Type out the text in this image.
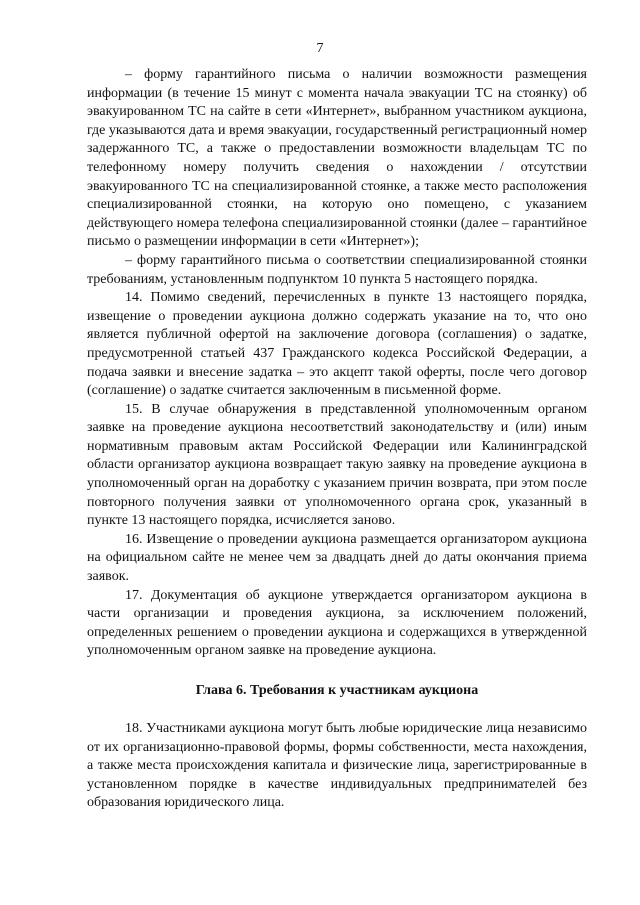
7

– форму гарантийного письма о наличии возможности размещения информации (в течение 15 минут с момента начала эвакуации ТС на стоянку) об эвакуированном ТС на сайте в сети «Интернет», выбранном участником аукциона, где указываются дата и время эвакуации, государственный регистрационный номер задержанного ТС, а также о предоставлении возможности владельцам ТС по телефонному номеру получить сведения о нахождении / отсутствии эвакуированного ТС на специализированной стоянке, а также место расположения специализированной стоянки, на которую оно помещено, с указанием действующего номера телефона специализированной стоянки (далее – гарантийное письмо о размещении информации в сети «Интернет»);

– форму гарантийного письма о соответствии специализированной стоянки требованиям, установленным подпунктом 10 пункта 5 настоящего порядка.

14. Помимо сведений, перечисленных в пункте 13 настоящего порядка, извещение о проведении аукциона должно содержать указание на то, что оно является публичной офертой на заключение договора (соглашения) о задатке, предусмотренной статьей 437 Гражданского кодекса Российской Федерации, а подача заявки и внесение задатка – это акцепт такой оферты, после чего договор (соглашение) о задатке считается заключенным в письменной форме.

15. В случае обнаружения в представленной уполномоченным органом заявке на проведение аукциона несоответствий законодательству и (или) иным нормативным правовым актам Российской Федерации или Калининградской области организатор аукциона возвращает такую заявку на проведение аукциона в уполномоченный орган на доработку с указанием причин возврата, при этом после повторного получения заявки от уполномоченного органа срок, указанный в пункте 13 настоящего порядка, исчисляется заново.

16. Извещение о проведении аукциона размещается организатором аукциона на официальном сайте не менее чем за двадцать дней до даты окончания приема заявок.

17. Документация об аукционе утверждается организатором аукциона в части организации и проведения аукциона, за исключением положений, определенных решением о проведении аукциона и содержащихся в утвержденной уполномоченным органом заявке на проведение аукциона.

Глава 6. Требования к участникам аукциона

18. Участниками аукциона могут быть любые юридические лица независимо от их организационно-правовой формы, формы собственности, места нахождения, а также места происхождения капитала и физические лица, зарегистрированные в установленном порядке в качестве индивидуальных предпринимателей без образования юридического лица.
